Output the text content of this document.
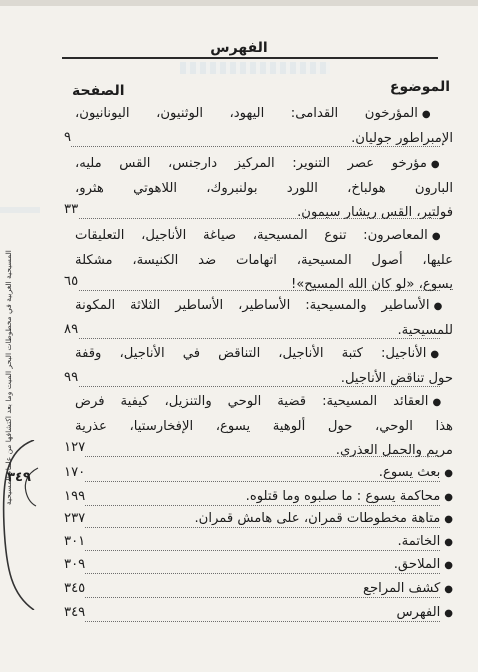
الفهرس
الموضوع
الصفحة
●المؤرخون القدامى: اليهود، الوثنيون، اليونانيون،
الإمبراطور جوليان.
٩
●مؤرخو عصر التنوير: المركيز دارجنس، القس مليه،
البارون هولباخ، اللورد بولنبروك، اللاهوتي هثرو،
فولتير، القس ريشار سيمون.
٣٣
●المعاصرون: تنوع المسيحية، صياغة الأناجيل، التعليقات
عليها، أصول المسيحية، اتهامات ضد الكنيسة، مشكلة
يسوع، «لو كان الله المسيح»!
٦٥
●الأساطير والمسيحية: الأساطير، الأساطير الثلاثة المكونة
للمسيحية.
٨٩
●الأناجيل: كتبة الأناجيل، التناقض في الأناجيل، وقفة
حول تناقض الأناجيل.
٩٩
●العقائد المسيحية: قضية الوحي والتنزيل، كيفية فرض
هذا الوحي، حول ألوهية يسوع، الإفخارستيا، عذرية
مريم والحمل العذري.
١٢٧
●بعث يسوع.
١٧٠
●محاكمة يسوع : ما صلبوه وما قتلوه.
١٩٩
●متاهة مخطوطات قمران، على هامش قمران.
٢٣٧
●الخاتمة.
٣٠١
●الملاحق.
٣٠٩
●كشف المراجع
٣٤٥
●الفهرس
٣٤٩
٣٤٩
المسيحية الغربية في مخطوطات البحر الميت وما بعد اكتشافها من علماء المسيحية
